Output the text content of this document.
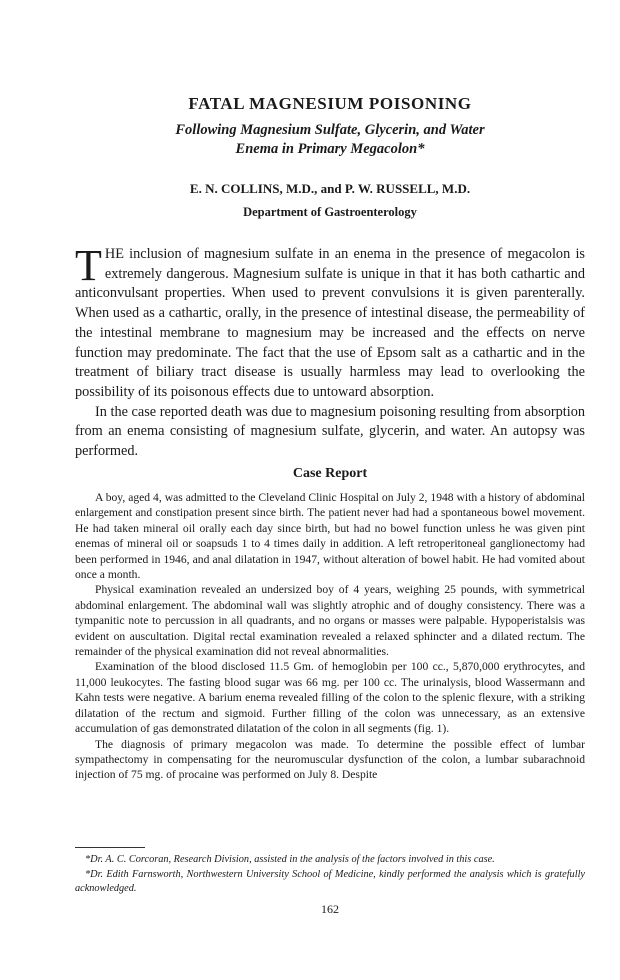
FATAL MAGNESIUM POISONING
Following Magnesium Sulfate, Glycerin, and Water
Enema in Primary Megacolon*
E. N. COLLINS, M.D., and P. W. RUSSELL, M.D.
Department of Gastroenterology

THE inclusion of magnesium sulfate in an enema in the presence of megacolon is extremely dangerous. Magnesium sulfate is unique in that it has both cathartic and anticonvulsant properties. When used to prevent convulsions it is given parenterally. When used as a cathartic, orally, in the presence of intestinal disease, the permeability of the intestinal membrane to magnesium may be increased and the effects on nerve function may predominate. The fact that the use of Epsom salt as a cathartic and in the treatment of biliary tract disease is usually harmless may lead to overlooking the possibility of its poisonous effects due to untoward absorption.

In the case reported death was due to magnesium poisoning resulting from absorption from an enema consisting of magnesium sulfate, glycerin, and water. An autopsy was performed.

Case Report

A boy, aged 4, was admitted to the Cleveland Clinic Hospital on July 2, 1948 with a history of abdominal enlargement and constipation present since birth. The patient never had had a spontaneous bowel movement. He had taken mineral oil orally each day since birth, but had no bowel function unless he was given pint enemas of mineral oil or soapsuds 1 to 4 times daily in addition. A left retroperitoneal ganglionectomy had been performed in 1946, and anal dilatation in 1947, without alteration of bowel habit. He had vomited about once a month.

Physical examination revealed an undersized boy of 4 years, weighing 25 pounds, with symmetrical abdominal enlargement. The abdominal wall was slightly atrophic and of doughy consistency. There was a tympanitic note to percussion in all quadrants, and no organs or masses were palpable. Hypoperistalsis was evident on auscultation. Digital rectal examination revealed a relaxed sphincter and a dilated rectum. The remainder of the physical examination did not reveal abnormalities.

Examination of the blood disclosed 11.5 Gm. of hemoglobin per 100 cc., 5,870,000 erythrocytes, and 11,000 leukocytes. The fasting blood sugar was 66 mg. per 100 cc. The urinalysis, blood Wassermann and Kahn tests were negative. A barium enema revealed filling of the colon to the splenic flexure, with a striking dilatation of the rectum and sigmoid. Further filling of the colon was unnecessary, as an extensive accumulation of gas demonstrated dilatation of the colon in all segments (fig. 1).

The diagnosis of primary megacolon was made. To determine the possible effect of lumbar sympathectomy in compensating for the neuromuscular dysfunction of the colon, a lumbar subarachnoid injection of 75 mg. of procaine was performed on July 8. Despite

*Dr. A. C. Corcoran, Research Division, assisted in the analysis of the factors involved in this case.

*Dr. Edith Farnsworth, Northwestern University School of Medicine, kindly performed the analysis which is gratefully acknowledged.

162
